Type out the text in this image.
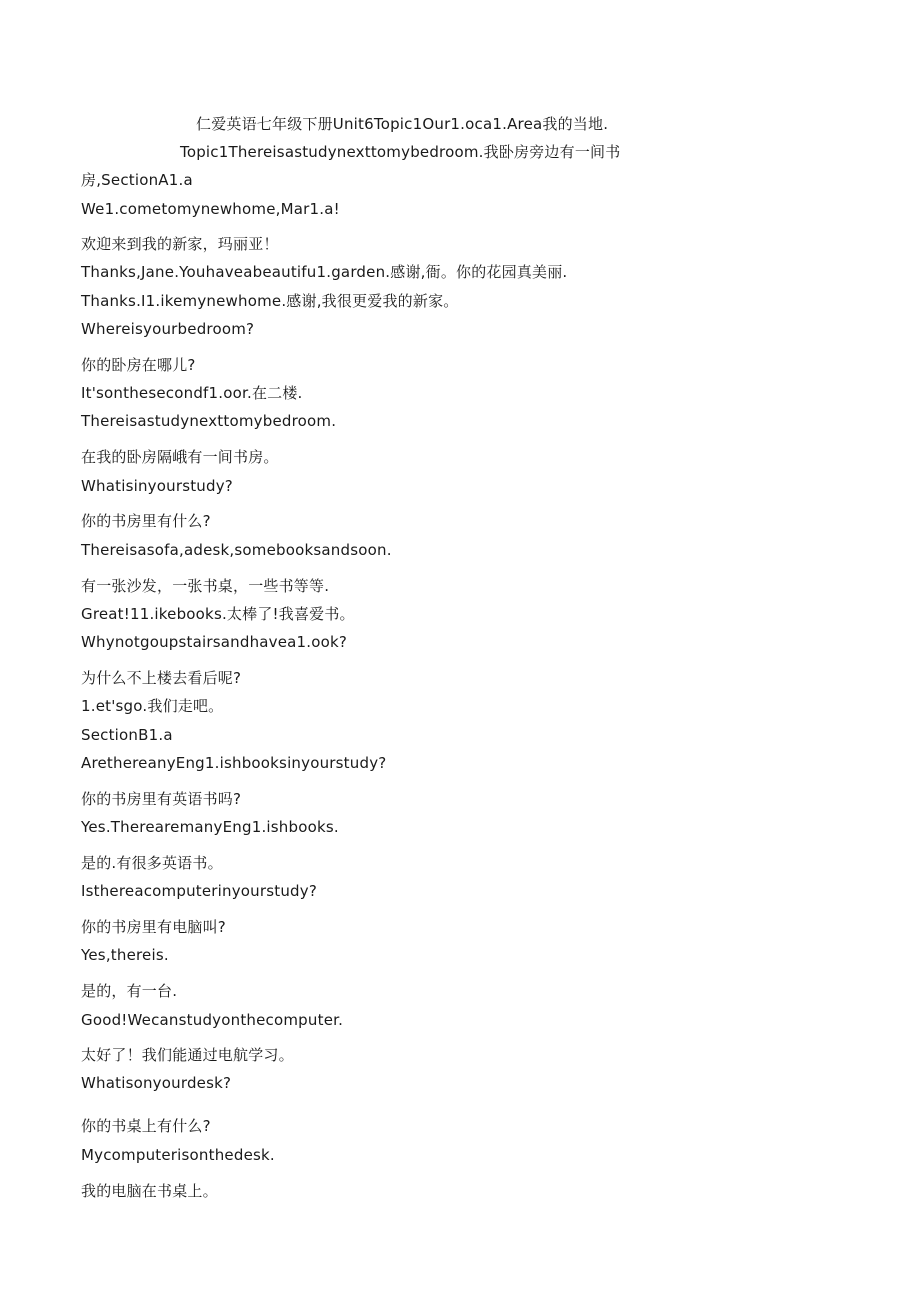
仁爱英语七年级下册Unit6Topic1Our1.oca1.Area我的当地.
Topic1Thereisastudynexttomybedroom.我卧房旁边有一间书
房,SectionA1.a
We1.cometomynewhome,Mar1.a!
欢迎来到我的新家，玛丽亚！
Thanks,Jane.Youhaveabeautifu1.garden.感谢,衙。你的花园真美丽.
Thanks.I1.ikemynewhome.感谢,我很更爱我的新家。
Whereisyourbedroom?
你的卧房在哪儿?
It'sonthesecondf1.oor.在二楼.
Thereisastudynexttomybedroom.
在我的卧房隔峨有一间书房。
Whatisinyourstudy?
你的书房里有什么?
Thereisasofa,adesk,somebooksandsoon.
有一张沙发，一张书桌，一些书等等.
Great!11.ikebooks.太棒了!我喜爱书。
Whynotgoupstairsandhavea1.ook?
为什么不上楼去看后呢?
1.et'sgo.我们走吧。
SectionB1.a
ArethereanyEng1.ishbooksinyourstudy?
你的书房里有英语书吗?
Yes.TherearemanyEng1.ishbooks.
是的.有很多英语书。
Isthereacomputerinyourstudy?
你的书房里有电脑叫?
Yes,thereis.
是的，有一台.
Good!Wecanstudyonthecomputer.
太好了！我们能通过电航学习。
Whatisonyourdesk?
你的书桌上有什么?
Mycomputerisonthedesk.
我的电脑在书桌上。
